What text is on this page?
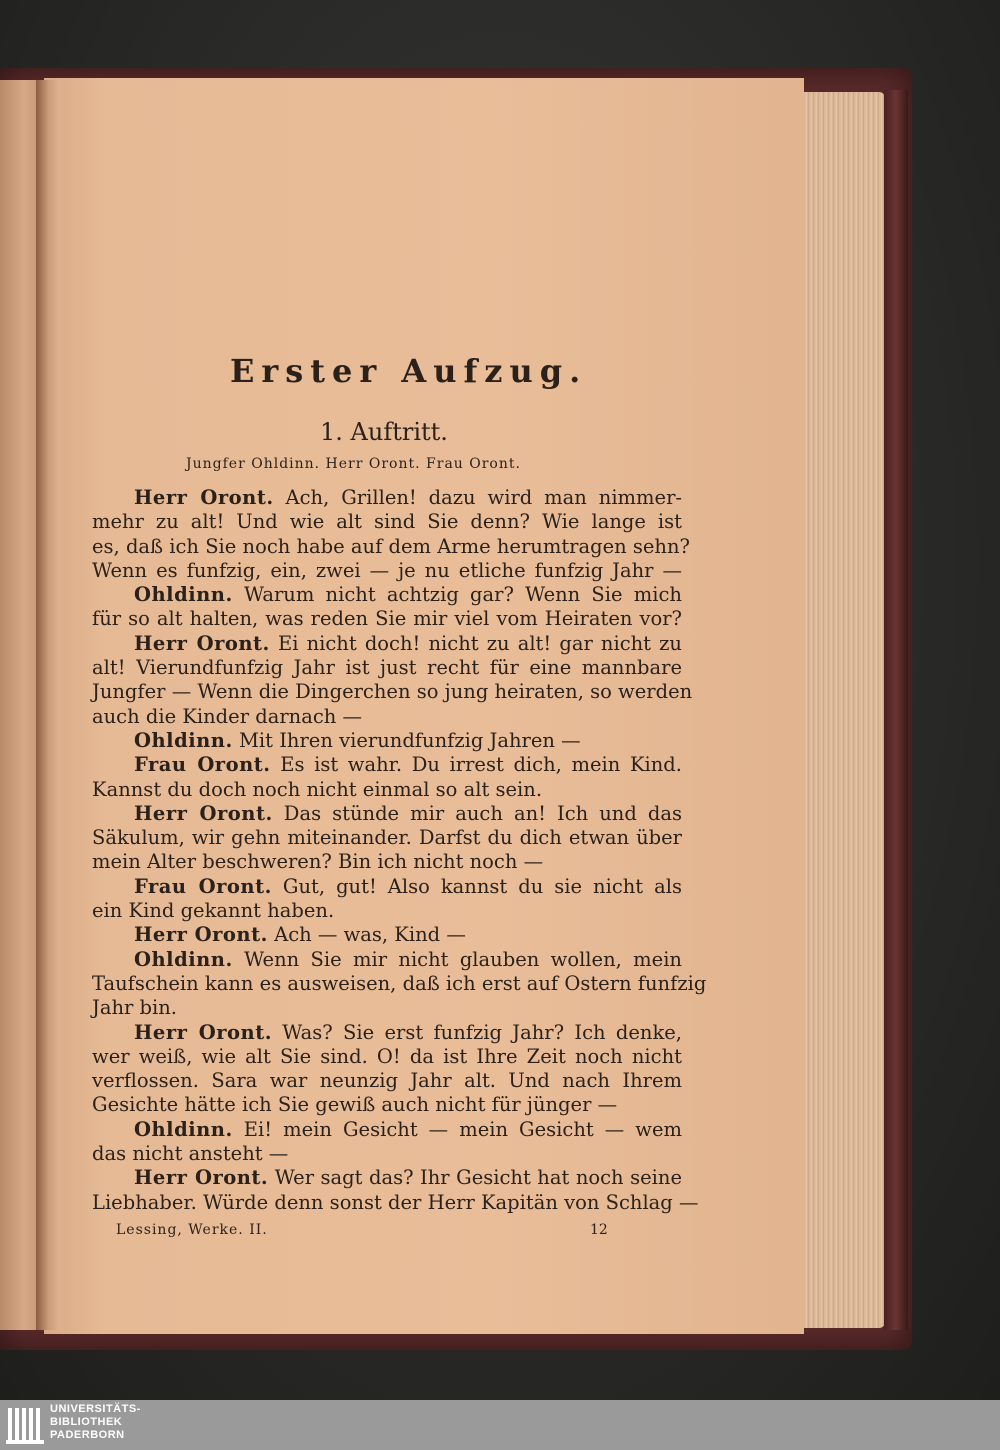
Erster Aufzug.
1. Auftritt.
Jungfer Ohldinn. Herr Oront. Frau Oront.
Herr Oront. Ach, Grillen! dazu wird man nimmer-
mehr zu alt! Und wie alt sind Sie denn? Wie lange ist
es, daß ich Sie noch habe auf dem Arme herumtragen sehn?
Wenn es funfzig, ein, zwei — je nu etliche funfzig Jahr —
Ohldinn. Warum nicht achtzig gar? Wenn Sie mich
für so alt halten, was reden Sie mir viel vom Heiraten vor?
Herr Oront. Ei nicht doch! nicht zu alt! gar nicht zu
alt! Vierundfunfzig Jahr ist just recht für eine mannbare
Jungfer — Wenn die Dingerchen so jung heiraten, so werden
auch die Kinder darnach —
Ohldinn. Mit Ihren vierundfunfzig Jahren —
Frau Oront. Es ist wahr. Du irrest dich, mein Kind.
Kannst du doch noch nicht einmal so alt sein.
Herr Oront. Das stünde mir auch an! Ich und das
Säkulum, wir gehn miteinander. Darfst du dich etwan über
mein Alter beschweren? Bin ich nicht noch —
Frau Oront. Gut, gut! Also kannst du sie nicht als
ein Kind gekannt haben.
Herr Oront. Ach — was, Kind —
Ohldinn. Wenn Sie mir nicht glauben wollen, mein
Taufschein kann es ausweisen, daß ich erst auf Ostern funfzig
Jahr bin.
Herr Oront. Was? Sie erst funfzig Jahr? Ich denke,
wer weiß, wie alt Sie sind. O! da ist Ihre Zeit noch nicht
verflossen. Sara war neunzig Jahr alt. Und nach Ihrem
Gesichte hätte ich Sie gewiß auch nicht für jünger —
Ohldinn. Ei! mein Gesicht — mein Gesicht — wem
das nicht ansteht —
Herr Oront. Wer sagt das? Ihr Gesicht hat noch seine
Liebhaber. Würde denn sonst der Herr Kapitän von Schlag —
Lessing, Werke. II.	12
UNIVERSITÄTS-
BIBLIOTHEK
PADERBORN
